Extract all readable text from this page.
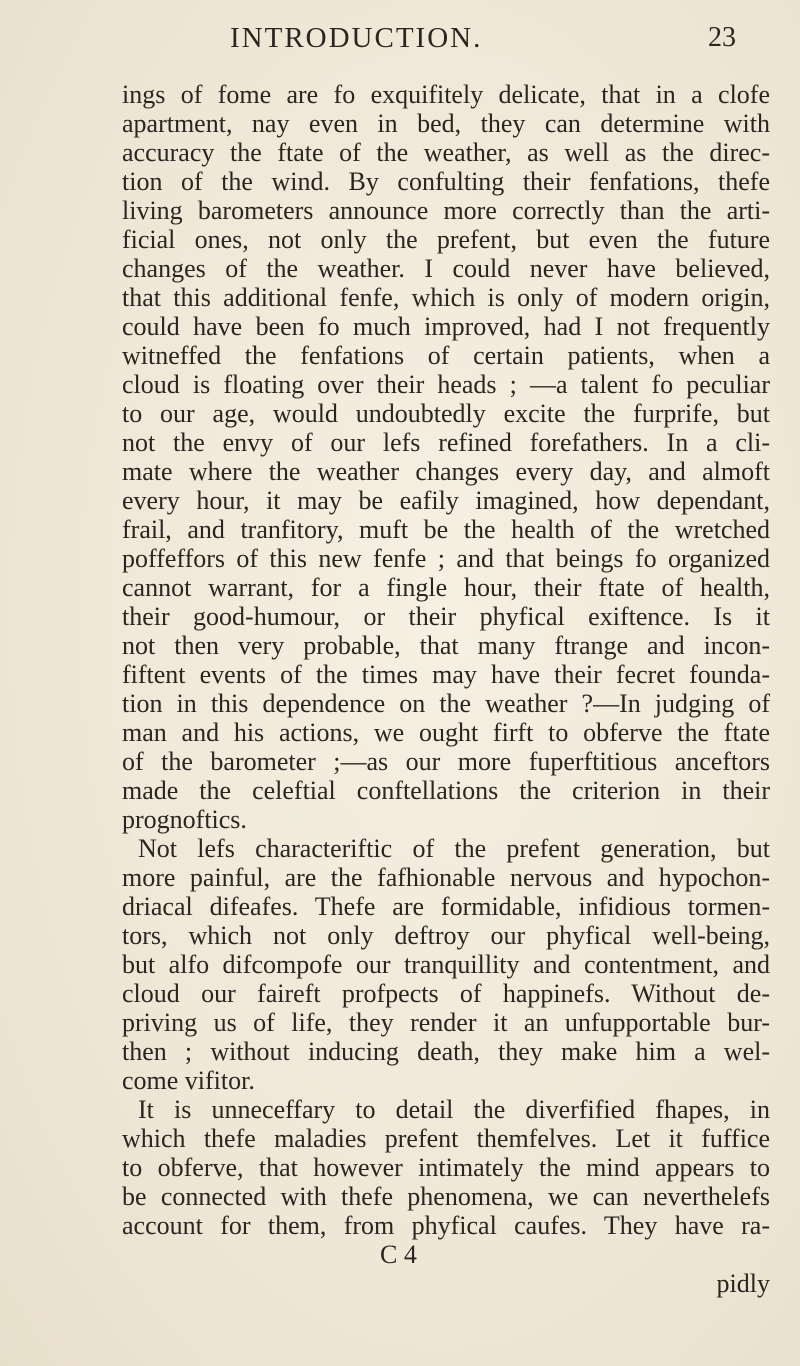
INTRODUCTION.	23
ings of fome are fo exquifitely delicate, that in a clofe
apartment, nay even in bed, they can determine with
accuracy the ftate of the weather, as well as the direc-
tion of the wind. By confulting their fenfations, thefe
living barometers announce more correctly than the arti-
ficial ones, not only the prefent, but even the future
changes of the weather. I could never have believed,
that this additional fenfe, which is only of modern origin,
could have been fo much improved, had I not frequently
witneffed the fenfations of certain patients, when a
cloud is floating over their heads ; —a talent fo peculiar
to our age, would undoubtedly excite the furprife, but
not the envy of our lefs refined forefathers. In a cli-
mate where the weather changes every day, and almoft
every hour, it may be eafily imagined, how dependant,
frail, and tranfitory, muft be the health of the wretched
poffeffors of this new fenfe ; and that beings fo organized
cannot warrant, for a fingle hour, their ftate of health,
their good-humour, or their phyfical exiftence. Is it
not then very probable, that many ftrange and incon-
fiftent events of the times may have their fecret founda-
tion in this dependence on the weather ?—In judging of
man and his actions, we ought firft to obferve the ftate
of the barometer ;—as our more fuperftitious anceftors
made the celeftial conftellations the criterion in their
prognoftics.
Not lefs characteriftic of the prefent generation, but
more painful, are the fafhionable nervous and hypochon-
driacal difeafes. Thefe are formidable, infidious tormen-
tors, which not only deftroy our phyfical well-being,
but alfo difcompofe our tranquillity and contentment, and
cloud our faireft profpects of happinefs. Without de-
priving us of life, they render it an unfupportable bur-
then ; without inducing death, they make him a wel-
come vifitor.
It is unneceffary to detail the diverfified fhapes, in
which thefe maladies prefent themfelves. Let it fuffice
to obferve, that however intimately the mind appears to
be connected with thefe phenomena, we can neverthelefs
account for them, from phyfical caufes. They have ra-
C 4
pidly
